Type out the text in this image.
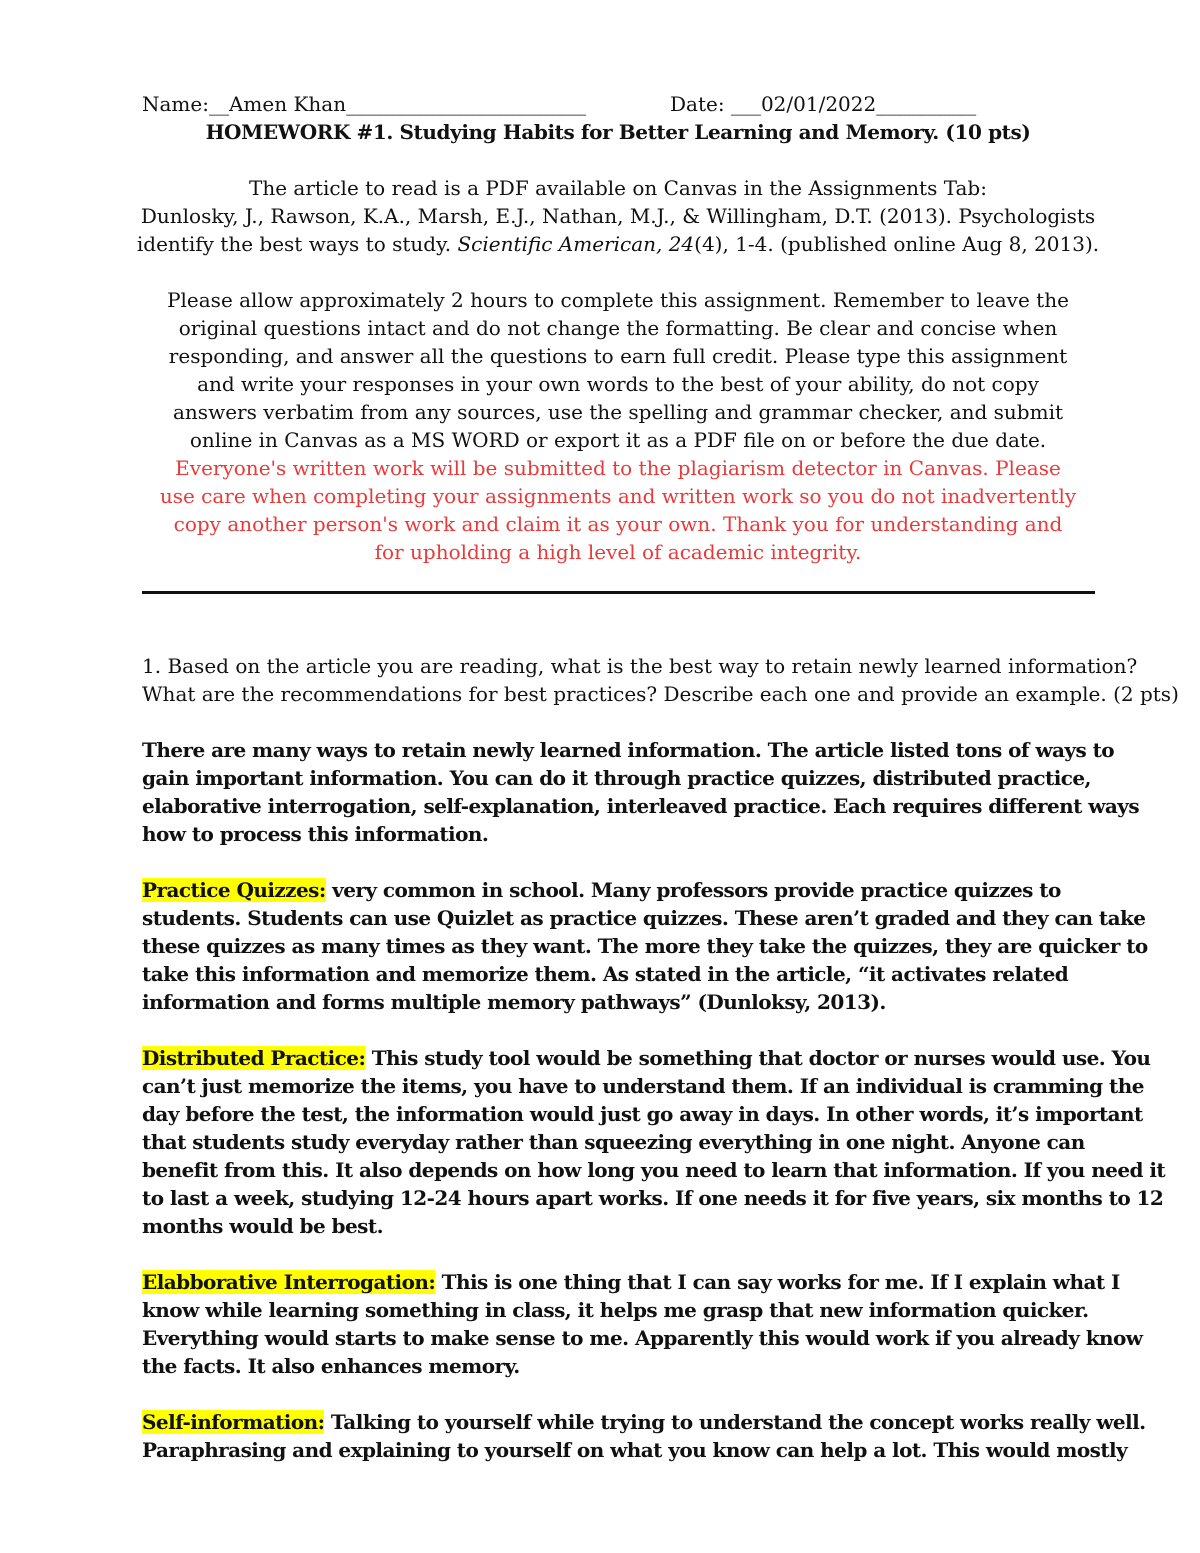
Name:__Amen Khan________________________	Date: ___02/01/2022__________
HOMEWORK #1. Studying Habits for Better Learning and Memory. (10 pts)
The article to read is a PDF available on Canvas in the Assignments Tab:
Dunlosky, J., Rawson, K.A., Marsh, E.J., Nathan, M.J., & Willingham, D.T. (2013). Psychologists
identify the best ways to study. Scientific American, 24(4), 1-4. (published online Aug 8, 2013).
Please allow approximately 2 hours to complete this assignment. Remember to leave the
original questions intact and do not change the formatting. Be clear and concise when
responding, and answer all the questions to earn full credit. Please type this assignment
and write your responses in your own words to the best of your ability, do not copy
answers verbatim from any sources, use the spelling and grammar checker, and submit
online in Canvas as a MS WORD or export it as a PDF file on or before the due date.
Everyone's written work will be submitted to the plagiarism detector in Canvas. Please
use care when completing your assignments and written work so you do not inadvertently
copy another person's work and claim it as your own. Thank you for understanding and
for upholding a high level of academic integrity.
1. Based on the article you are reading, what is the best way to retain newly learned information?
What are the recommendations for best practices? Describe each one and provide an example. (2 pts)
There are many ways to retain newly learned information. The article listed tons of ways to
gain important information. You can do it through practice quizzes, distributed practice,
elaborative interrogation, self-explanation, interleaved practice. Each requires different ways
how to process this information.
Practice Quizzes: very common in school. Many professors provide practice quizzes to
students. Students can use Quizlet as practice quizzes. These aren’t graded and they can take
these quizzes as many times as they want. The more they take the quizzes, they are quicker to
take this information and memorize them. As stated in the article, “it activates related
information and forms multiple memory pathways” (Dunloksy, 2013).
Distributed Practice: This study tool would be something that doctor or nurses would use. You
can’t just memorize the items, you have to understand them. If an individual is cramming the
day before the test, the information would just go away in days. In other words, it’s important
that students study everyday rather than squeezing everything in one night. Anyone can
benefit from this. It also depends on how long you need to learn that information. If you need it
to last a week, studying 12-24 hours apart works. If one needs it for five years, six months to 12
months would be best.
Elabborative Interrogation: This is one thing that I can say works for me. If I explain what I
know while learning something in class, it helps me grasp that new information quicker.
Everything would starts to make sense to me. Apparently this would work if you already know
the facts. It also enhances memory.
Self-information: Talking to yourself while trying to understand the concept works really well.
Paraphrasing and explaining to yourself on what you know can help a lot. This would mostly
